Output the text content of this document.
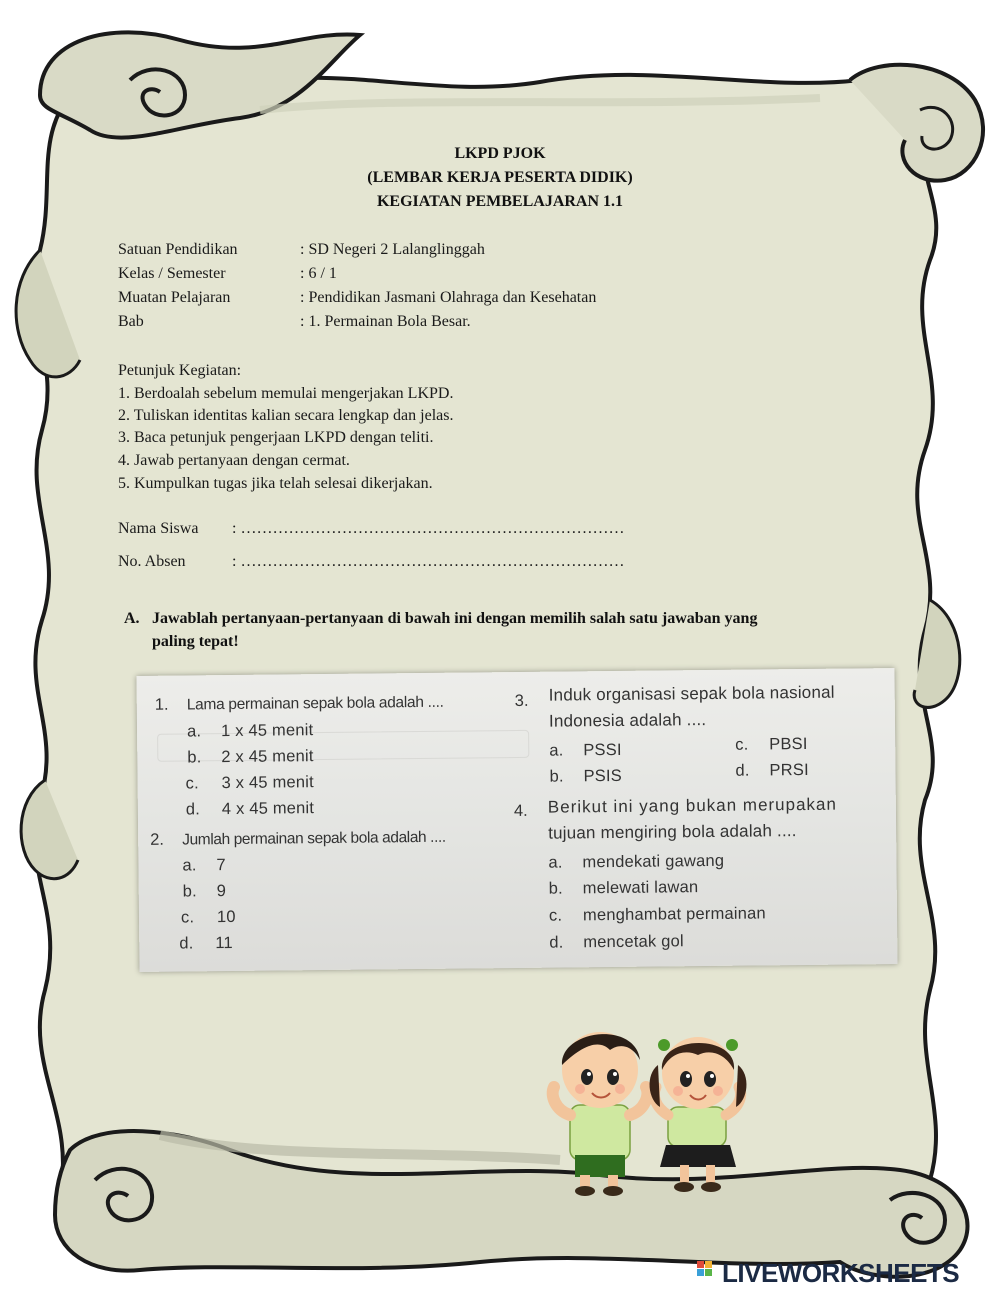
LKPD PJOK
(LEMBAR KERJA PESERTA DIDIK)
KEGIATAN PEMBELAJARAN 1.1
Satuan Pendidikan	: SD Negeri 2 Lalanglinggah
Kelas / Semester	: 6 / 1
Muatan Pelajaran	: Pendidikan Jasmani Olahraga dan Kesehatan
Bab	: 1. Permainan Bola Besar.
Petunjuk Kegiatan:
1. Berdoalah sebelum memulai mengerjakan LKPD.
2. Tuliskan identitas kalian secara lengkap dan jelas.
3. Baca petunjuk pengerjaan LKPD dengan teliti.
4. Jawab pertanyaan dengan cermat.
5. Kumpulkan tugas jika telah selesai dikerjakan.
Nama Siswa : ………………………………………………………………
No. Absen	: ………………………………………………………………
A. Jawablah pertanyaan-pertanyaan di bawah ini dengan memilih salah satu jawaban yang
paling tepat!
1. Lama permainan sepak bola adalah ....
a. 1 x 45 menit
b. 2 x 45 menit
c. 3 x 45 menit
d. 4 x 45 menit
2. Jumlah permainan sepak bola adalah ....
a. 7
b. 9
c. 10
d. 11
3. Induk organisasi sepak bola nasional
Indonesia adalah ....
a. PSSI
b. PSIS
c. PBSI
d. PRSI
4. Berikut ini yang bukan merupakan
tujuan mengiring bola adalah ....
a. mendekati gawang
b. melewati lawan
c. menghambat permainan
d. mencetak gol
LIVEWORKSHEETS
